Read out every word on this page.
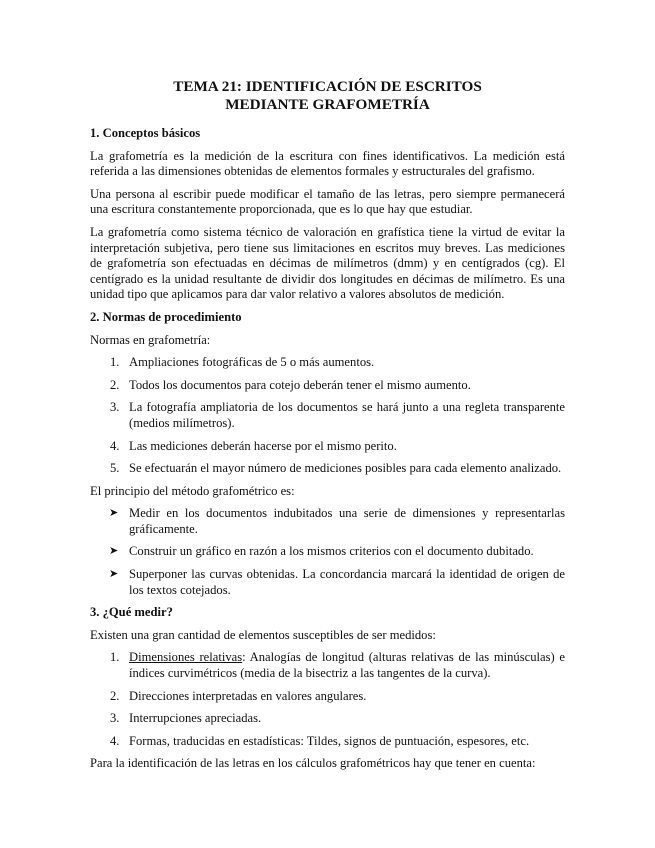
TEMA 21: IDENTIFICACIÓN DE ESCRITOS MEDIANTE GRAFOMETRÍA
1. Conceptos básicos

La grafometría es la medición de la escritura con fines identificativos. La medición está referida a las dimensiones obtenidas de elementos formales y estructurales del grafismo.

Una persona al escribir puede modificar el tamaño de las letras, pero siempre permanecerá una escritura constantemente proporcionada, que es lo que hay que estudiar.

La grafometría como sistema técnico de valoración en grafística tiene la virtud de evitar la interpretación subjetiva, pero tiene sus limitaciones en escritos muy breves. Las mediciones de grafometría son efectuadas en décimas de milímetros (dmm) y en centígrados (cg). El centígrado es la unidad resultante de dividir dos longitudes en décimas de milímetro. Es una unidad tipo que aplicamos para dar valor relativo a valores absolutos de medición.

2. Normas de procedimiento

Normas en grafometría:

1. Ampliaciones fotográficas de 5 o más aumentos.
2. Todos los documentos para cotejo deberán tener el mismo aumento.
3. La fotografía ampliatoria de los documentos se hará junto a una regleta transparente (medios milímetros).
4. Las mediciones deberán hacerse por el mismo perito.
5. Se efectuarán el mayor número de mediciones posibles para cada elemento analizado.

El principio del método grafométrico es:

➤ Medir en los documentos indubitados una serie de dimensiones y representarlas gráficamente.
➤ Construir un gráfico en razón a los mismos criterios con el documento dubitado.
➤ Superponer las curvas obtenidas. La concordancia marcará la identidad de origen de los textos cotejados.
3. ¿Qué medir?

Existen una gran cantidad de elementos susceptibles de ser medidos:

1. Dimensiones relativas: Analogías de longitud (alturas relativas de las minúsculas) e índices curvimétricos (media de la bisectriz a las tangentes de la curva).
2. Direcciones interpretadas en valores angulares.
3. Interrupciones apreciadas.
4. Formas, traducidas en estadísticas: Tildes, signos de puntuación, espesores, etc.

Para la identificación de las letras en los cálculos grafométricos hay que tener en cuenta:
